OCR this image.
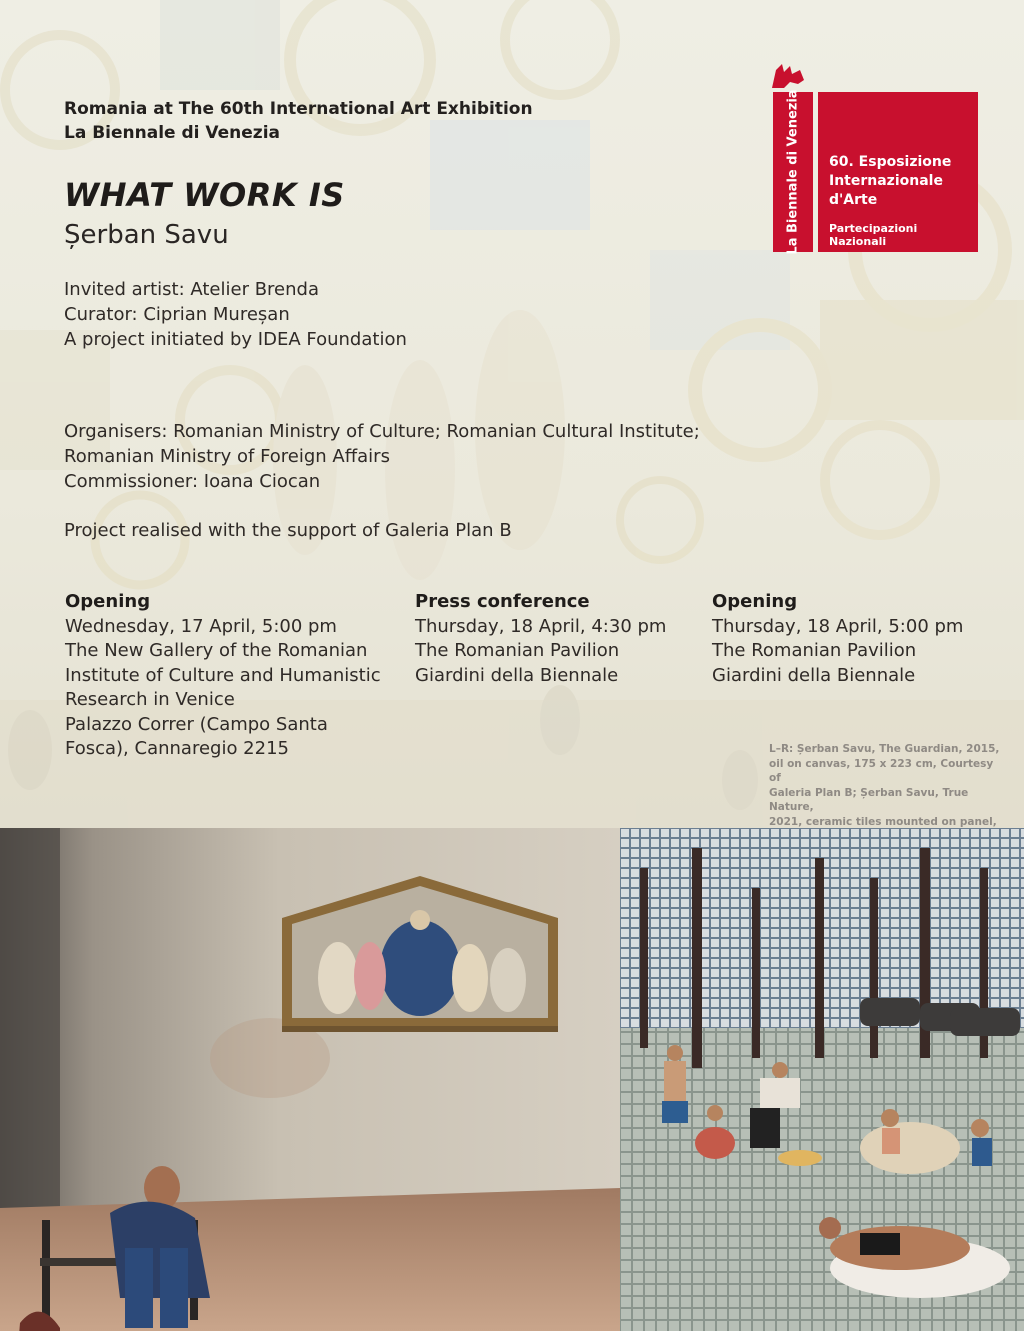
Romania at The 60th International Art Exhibition
La Biennale di Venezia

WHAT WORK IS

Șerban Savu

Invited artist: Atelier Brenda
Curator: Ciprian Mureșan
A project initiated by IDEA Foundation

Organisers: Romanian Ministry of Culture; Romanian Cultural Institute;
Romanian Ministry of Foreign Affairs
Commissioner: Ioana Ciocan

Project realised with the support of Galeria Plan B

Opening
Wednesday, 17 April, 5:00 pm
The New Gallery of the Romanian
Institute of Culture and Humanistic
Research in Venice
Palazzo Correr (Campo Santa
Fosca), Cannaregio 2215
Press conference
Thursday, 18 April, 4:30 pm
The Romanian Pavilion
Giardini della Biennale
Opening
Thursday, 18 April, 5:00 pm
The Romanian Pavilion
Giardini della Biennale
L–R: Șerban Savu, The Guardian, 2015,
oil on canvas, 175 x 223 cm, Courtesy of
Galeria Plan B; Șerban Savu, True Nature,
2021, ceramic tiles mounted on panel,
La Biennale di Venezia 60. Esposizione
Internazionale
d'Arte
Partecipazioni Nazionali
